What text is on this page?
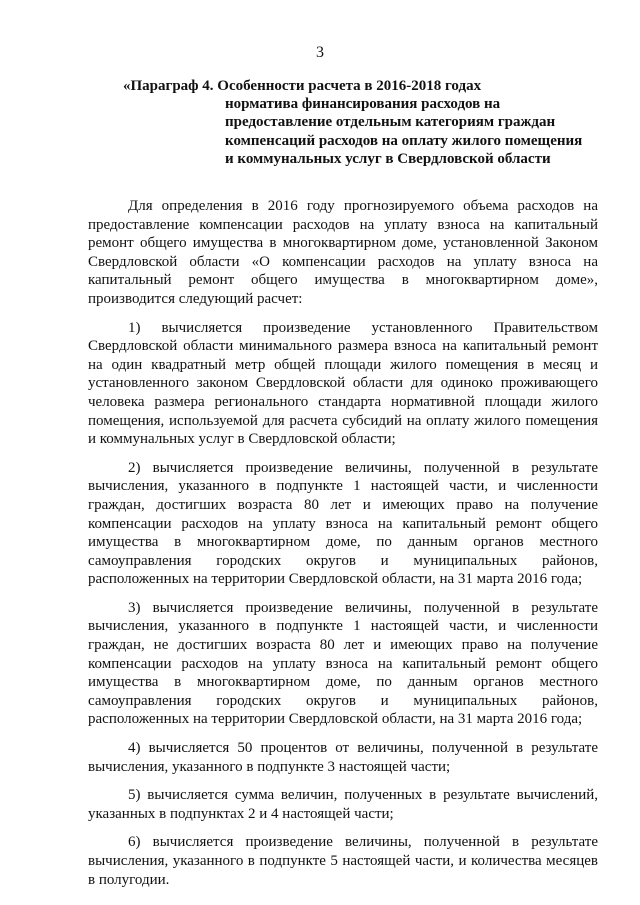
3
«Параграф 4. Особенности расчета в 2016-2018 годах
норматива финансирования расходов на
предоставление отдельным категориям граждан
компенсаций расходов на оплату жилого помещения
и коммунальных услуг в Свердловской области

Для определения в 2016 году прогнозируемого объема расходов на предоставление компенсации расходов на уплату взноса на капитальный ремонт общего имущества в многоквартирном доме, установленной Законом Свердловской области «О компенсации расходов на уплату взноса на капитальный ремонт общего имущества в многоквартирном доме», производится следующий расчет:

1) вычисляется произведение установленного Правительством Свердловской области минимального размера взноса на капитальный ремонт на один квадратный метр общей площади жилого помещения в месяц и установленного законом Свердловской области для одиноко проживающего человека размера регионального стандарта нормативной площади жилого помещения, используемой для расчета субсидий на оплату жилого помещения и коммунальных услуг в Свердловской области;

2) вычисляется произведение величины, полученной в результате вычисления, указанного в подпункте 1 настоящей части, и численности граждан, достигших возраста 80 лет и имеющих право на получение компенсации расходов на уплату взноса на капитальный ремонт общего имущества в многоквартирном доме, по данным органов местного самоуправления городских округов и муниципальных районов, расположенных на территории Свердловской области, на 31 марта 2016 года;

3) вычисляется произведение величины, полученной в результате вычисления, указанного в подпункте 1 настоящей части, и численности граждан, не достигших возраста 80 лет и имеющих право на получение компенсации расходов на уплату взноса на капитальный ремонт общего имущества в многоквартирном доме, по данным органов местного самоуправления городских округов и муниципальных районов, расположенных на территории Свердловской области, на 31 марта 2016 года;

4) вычисляется 50 процентов от величины, полученной в результате вычисления, указанного в подпункте 3 настоящей части;

5) вычисляется сумма величин, полученных в результате вычислений, указанных в подпунктах 2 и 4 настоящей части;

6) вычисляется произведение величины, полученной в результате вычисления, указанного в подпункте 5 настоящей части, и количества месяцев в полугодии.
